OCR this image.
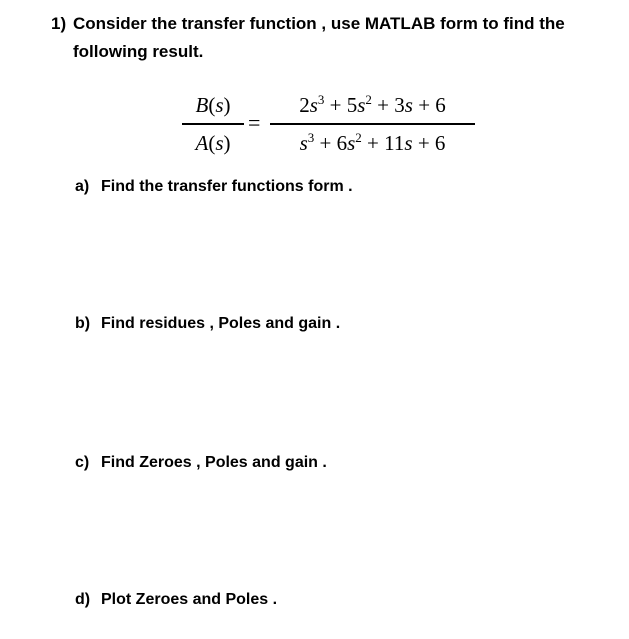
1) Consider the transfer function , use MATLAB form to find the
following result.
B(s)
A(s)
=
$2s^3 + 5s^2 + 3s + 6$
$s^3 + 6s^2 + 11s + 6$
a) Find the transfer functions form .
b) Find residues , Poles and gain .
c) Find Zeroes , Poles and gain .
d) Plot Zeroes and Poles .
